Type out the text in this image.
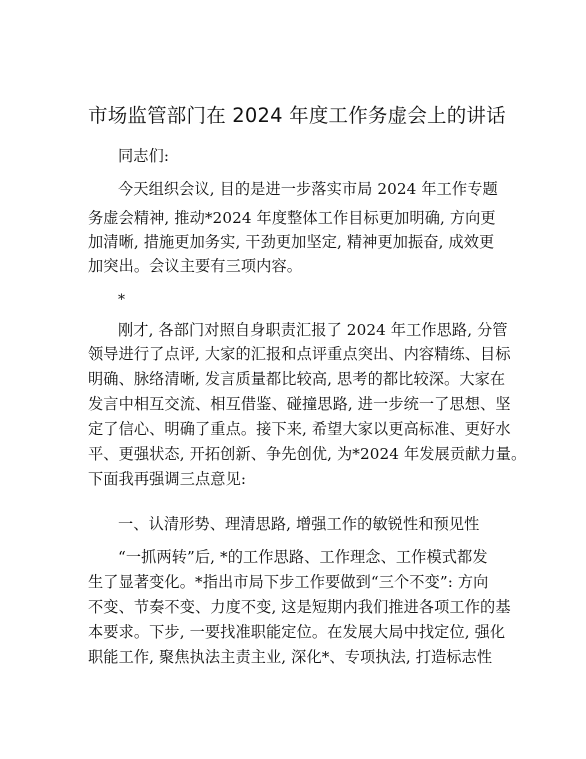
市场监管部门在 2024 年度工作务虚会上的讲话
同志们:
今天组织会议, 目的是进一步落实市局 2024 年工作专题
务虚会精神, 推动*2024 年度整体工作目标更加明确, 方向更
加清晰, 措施更加务实, 干劲更加坚定, 精神更加振奋, 成效更
加突出。会议主要有三项内容。
*
刚才, 各部门对照自身职责汇报了 2024 年工作思路, 分管
领导进行了点评, 大家的汇报和点评重点突出、内容精练、目标
明确、脉络清晰, 发言质量都比较高, 思考的都比较深。大家在
发言中相互交流、相互借鉴、碰撞思路, 进一步统一了思想、坚
定了信心、明确了重点。接下来, 希望大家以更高标准、更好水
平、更强状态, 开拓创新、争先创优, 为*2024 年发展贡献力量。
下面我再强调三点意见:
一、认清形势、理清思路, 增强工作的敏锐性和预见性
“一抓两转”后, *的工作思路、工作理念、工作模式都发
生了显著变化。*指出市局下步工作要做到“三个不变”: 方向
不变、节奏不变、力度不变, 这是短期内我们推进各项工作的基
本要求。下步, 一要找准职能定位。在发展大局中找定位, 强化
职能工作, 聚焦执法主责主业, 深化*、专项执法, 打造标志性
